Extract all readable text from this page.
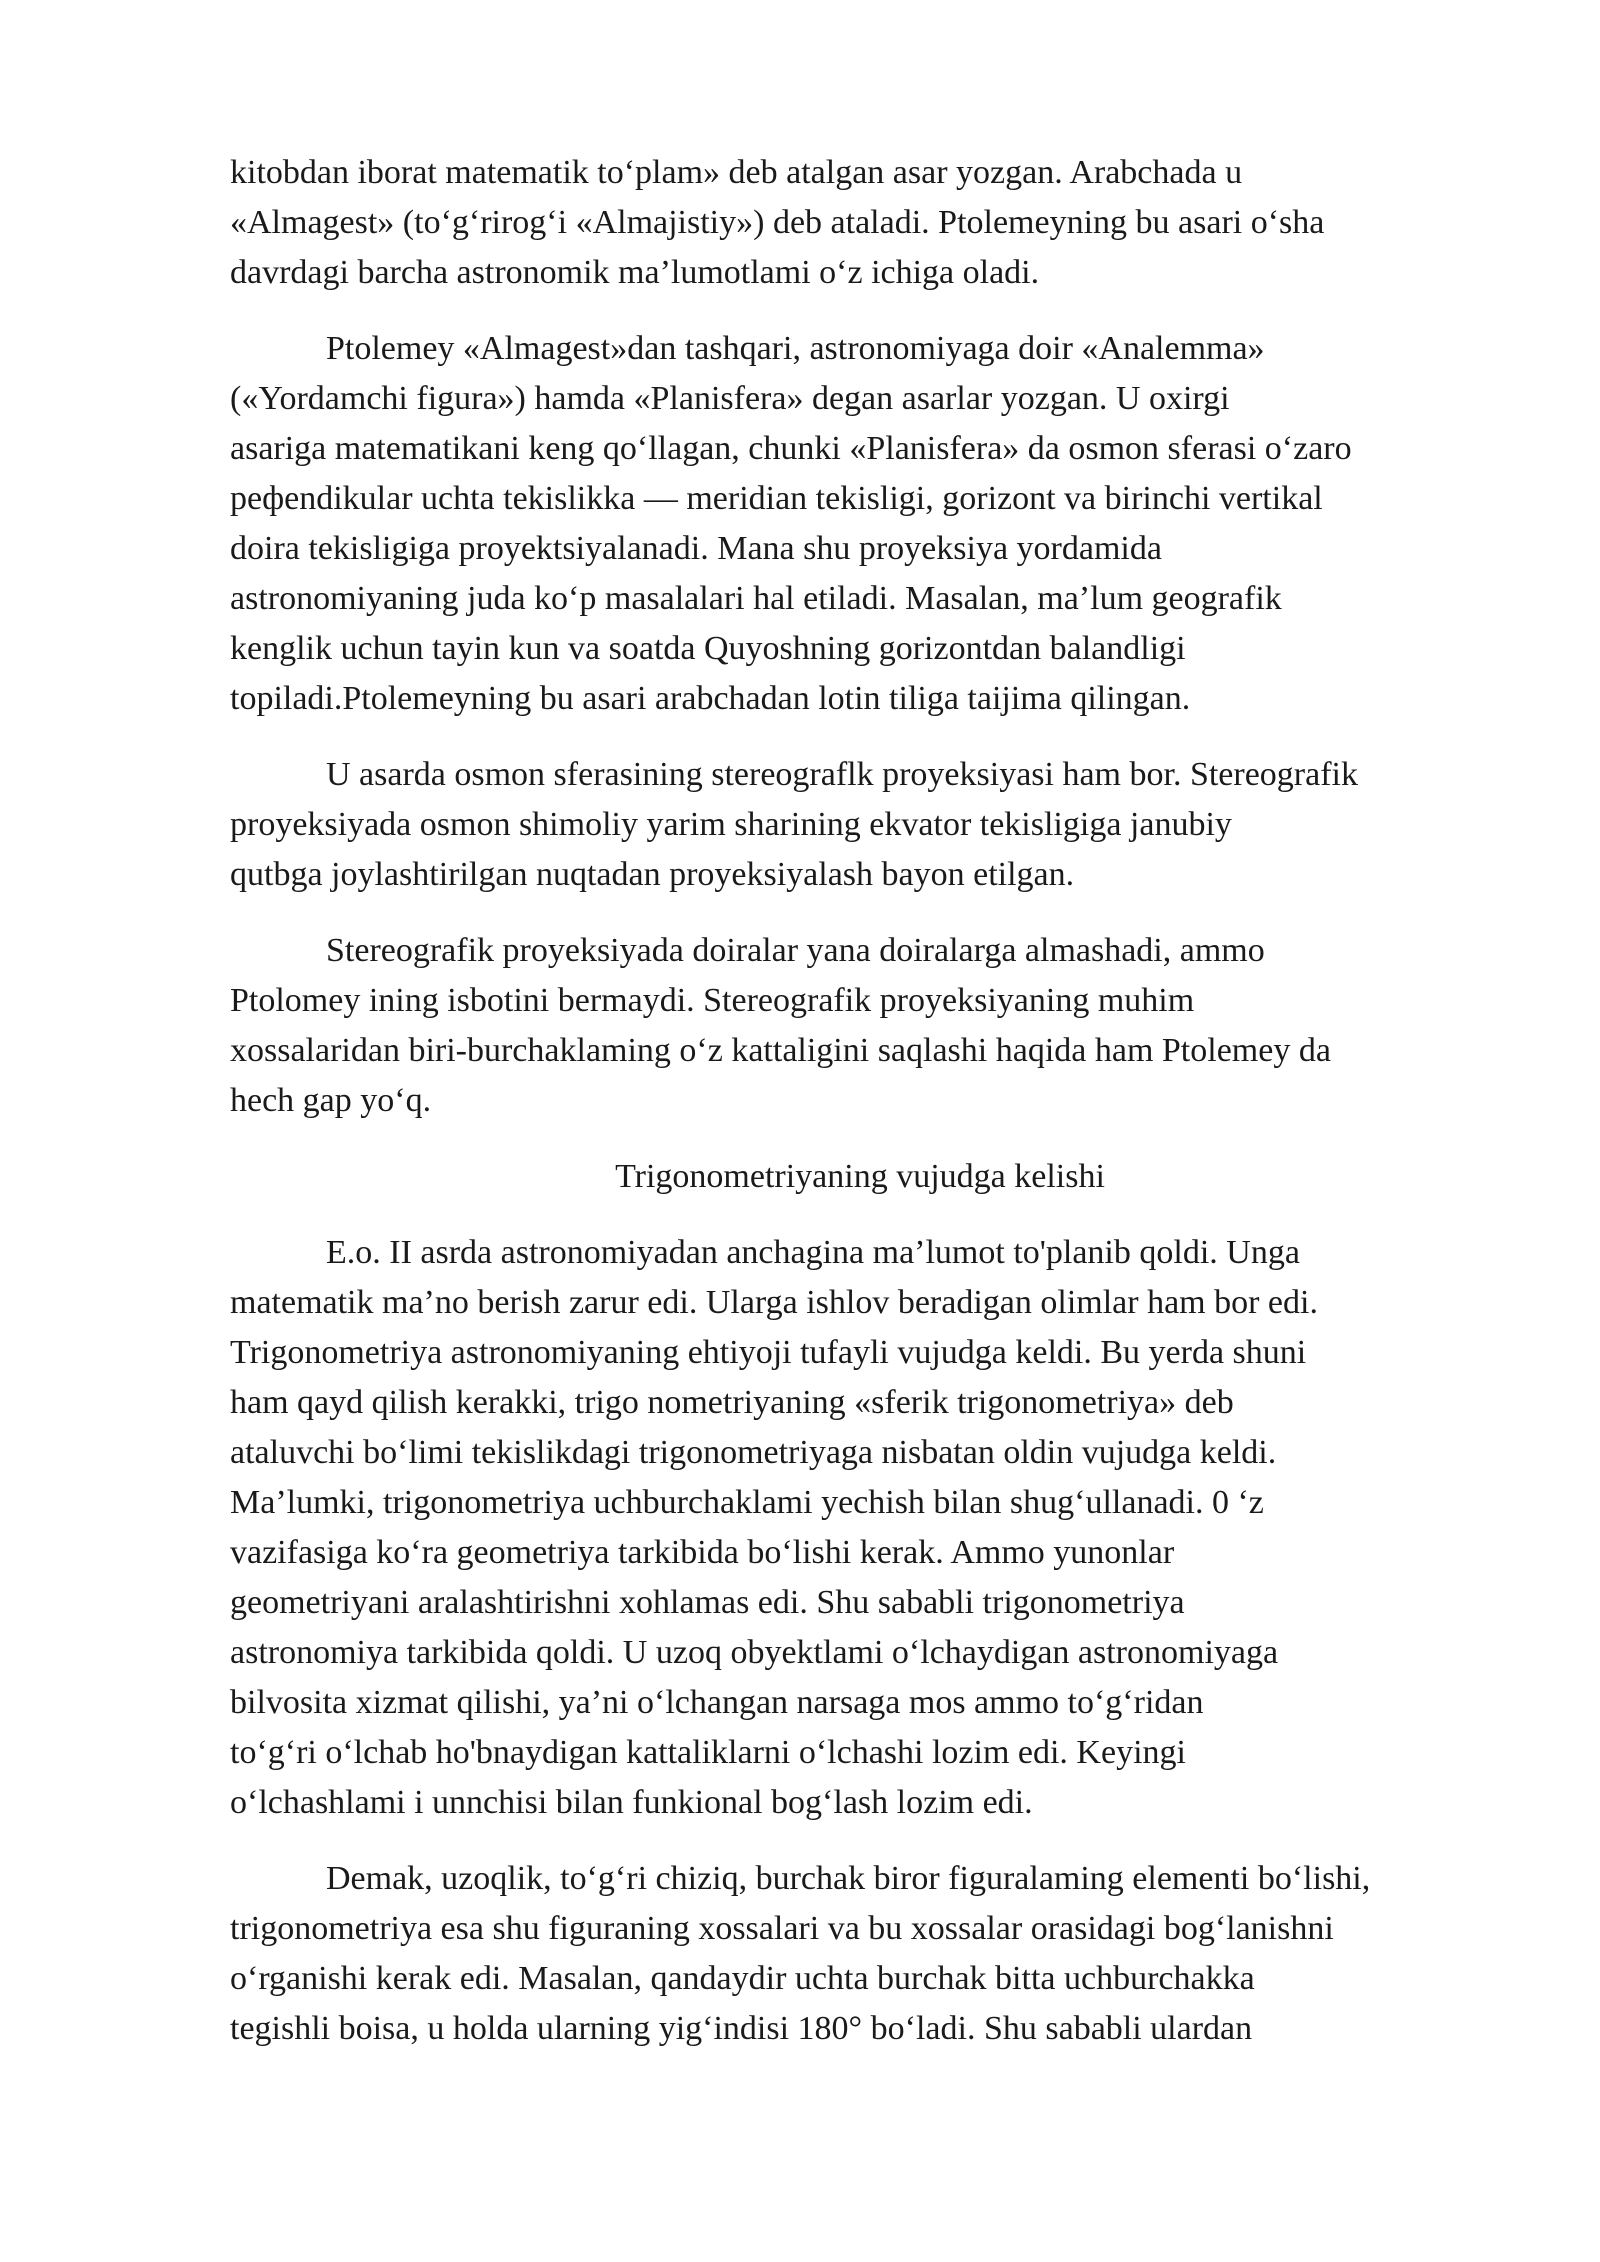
kitobdan iborat matematik to‘plam» deb atalgan asar yozgan. Arabchada u
«Almagest» (to‘g‘rirog‘i «Almajistiy») deb ataladi. Ptolemeyning bu asari o‘sha
davrdagi barcha astronomik ma’lumotlami o‘z ichiga oladi.
Ptolemey «Almagest»dan tashqari, astronomiyaga doir «Analemma»
(«Yordamchi figura») hamda «Planisfera» degan asarlar yozgan. U oxirgi
asariga matematikani keng qo‘llagan, chunki «Planisfera» da osmon sferasi o‘zaro
peфendikular uchta tekislikka — meridian tekisligi, gorizont va birinchi vertikal
doira tekisligiga proyektsiyalanadi. Mana shu proyeksiya yordamida
astronomiyaning juda ko‘p masalalari hal etiladi. Masalan, ma’lum geografik
kenglik uchun tayin kun va soatda Quyoshning gorizontdan balandligi
topiladi.Ptolemeyning bu asari arabchadan lotin tiliga taijima qilingan.
U asarda osmon sferasining stereograflk proyeksiyasi ham bor. Stereografik
proyeksiyada osmon shimoliy yarim sharining ekvator tekisligiga janubiy
qutbga joylashtirilgan nuqtadan proyeksiyalash bayon etilgan.
Stereografik proyeksiyada doiralar yana doiralarga almashadi, ammo
Ptolomey ining isbotini bermaydi. Stereografik proyeksiyaning muhim
xossalaridan biri-burchaklaming o‘z kattaligini saqlashi haqida ham Ptolemey da
hech gap yo‘q.
Trigonometriyaning vujudga kelishi
E.o. II asrda astronomiyadan anchagina ma’lumot to'planib qoldi. Unga
matematik ma’no berish zarur edi. Ularga ishlov beradigan olimlar ham bor edi.
Trigonometriya astronomiyaning ehtiyoji tufayli vujudga keldi. Bu yerda shuni
ham qayd qilish kerakki, trigo nometriyaning «sferik trigonometriya» deb
ataluvchi bo‘limi tekislikdagi trigonometriyaga nisbatan oldin vujudga keldi.
Ma’lumki, trigonometriya uchburchaklami yechish bilan shug‘ullanadi. 0 ‘z
vazifasiga ko‘ra geometriya tarkibida bo‘lishi kerak. Ammo yunonlar
geometriyani aralashtirishni xohlamas edi. Shu sababli trigonometriya
astronomiya tarkibida qoldi. U uzoq obyektlami o‘lchaydigan astronomiyaga
bilvosita xizmat qilishi, ya’ni o‘lchangan narsaga mos ammo to‘g‘ridan
to‘g‘ri o‘lchab ho'bnaydigan kattaliklarni o‘lchashi lozim edi. Keyingi
o‘lchashlami i unnchisi bilan funkional bog‘lash lozim edi.
Demak, uzoqlik, to‘g‘ri chiziq, burchak biror figuralaming elementi bo‘lishi,
trigonometriya esa shu figuraning xossalari va bu xossalar orasidagi bog‘lanishni
o‘rganishi kerak edi. Masalan, qandaydir uchta burchak bitta uchburchakka
tegishli boisa, u holda ularning yig‘indisi 180° bo‘ladi. Shu sababli ulardan
